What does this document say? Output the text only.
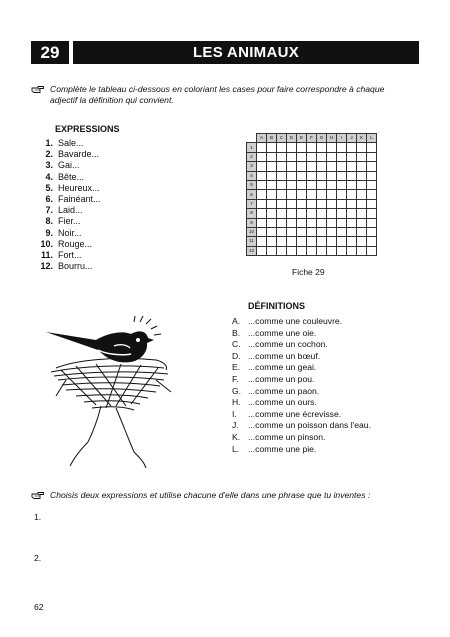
29	LES ANIMAUX
Complète le tableau ci-dessous en coloriant les cases pour faire correspondre à chaque
adjectif la définition qui convient.
EXPRESSIONS
1. Sale...
2. Bavarde...
3. Gai...
4. Bête...
5. Heureux...
6. Fainéant...
7. Laid...
8. Fier...
9. Noir...
10. Rouge...
11. Fort...
12. Bourru...
	A	B	C	D	E	F	G	H	I	J	K	L
1												
2												
3												
4												
5												
6												
7												
8												
9												
10												
11												
12												
Fiche 29
DÉFINITIONS
A. ...comme une couleuvre.
B. ...comme une oie.
C. ...comme un cochon.
D. ...comme un bœuf.
E. ...comme un geai.
F. ...comme un pou.
G. ...comme un paon.
H. ...comme un ours.
I. ...comme une écrevisse.
J. ...comme un poisson dans l'eau.
K. ...comme un pinson.
L. ...comme une pie.
Choisis deux expressions et utilise chacune d'elle dans une phrase que tu inventes :
1.
2.
62
